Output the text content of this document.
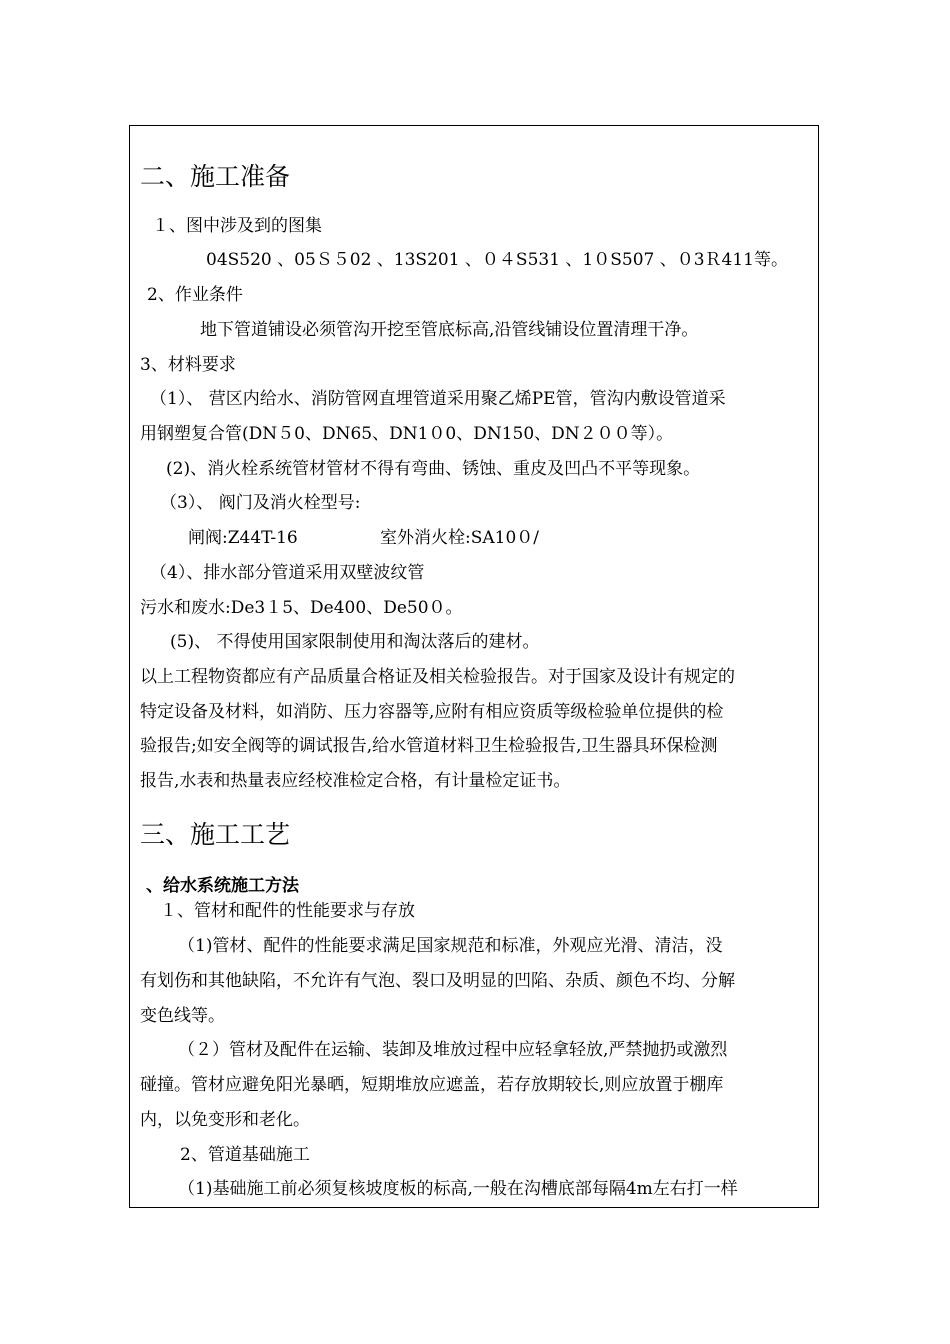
二、施工准备
１、图中涉及到的图集
04S520 、05Ｓ５02 、13S201 、０４S531 、1０S507 、０3Ｒ411等。
2、作业条件
地下管道铺设必须管沟开挖至管底标高,沿管线铺设位置清理干净。
3、材料要求
（1）、 营区内给水、消防管网直埋管道采用聚乙烯PE管，管沟内敷设管道采
用钢塑复合管(DN５0、DN65、DN1０0、DN150、DN２００等）。
(2)、消火栓系统管材管材不得有弯曲、锈蚀、重皮及凹凸不平等现象。
（3）、 阀门及消火栓型号:
闸阀:Z44T-16	室外消火栓:SA10０/
（4）、排水部分管道采用双壁波纹管
污水和废水:De3１5、De400、De50０。
(5)、 不得使用国家限制使用和淘汰落后的建材。
以上工程物资都应有产品质量合格证及相关检验报告。对于国家及设计有规定的
特定设备及材料，如消防、压力容器等,应附有相应资质等级检验单位提供的检
验报告;如安全阀等的调试报告,给水管道材料卫生检验报告,卫生器具环保检测
报告,水表和热量表应经校准检定合格，有计量检定证书。
三、施工工艺
、给水系统施工方法
１、管材和配件的性能要求与存放
（1)管材、配件的性能要求满足国家规范和标准，外观应光滑、清洁，没
有划伤和其他缺陷，不允许有气泡、裂口及明显的凹陷、杂质、颜色不均、分解
变色线等。
（２）管材及配件在运输、装卸及堆放过程中应轻拿轻放,严禁抛扔或激烈
碰撞。管材应避免阳光暴晒，短期堆放应遮盖，若存放期较长,则应放置于棚库
内，以免变形和老化。
2、管道基础施工
（1)基础施工前必须复核坡度板的标高,一般在沟槽底部每隔4m左右打一样
